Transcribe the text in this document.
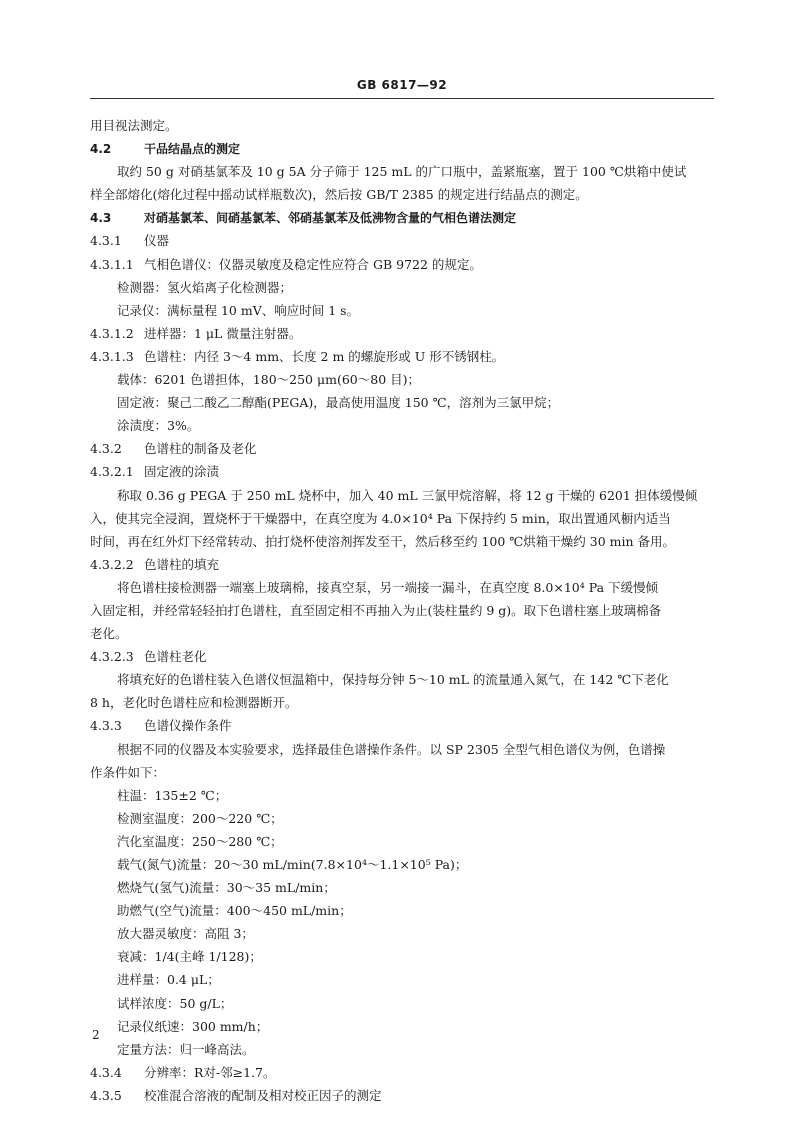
GB 6817—92
用目视法测定。
4.2	干品结晶点的测定
取约 50 g 对硝基氯苯及 10 g 5A 分子筛于 125 mL 的广口瓶中，盖紧瓶塞，置于 100 ℃烘箱中使试
样全部熔化(熔化过程中摇动试样瓶数次)，然后按 GB/T 2385 的规定进行结晶点的测定。
4.3	对硝基氯苯、间硝基氯苯、邻硝基氯苯及低沸物含量的气相色谱法测定
4.3.1 仪器
4.3.1.1 气相色谱仪：仪器灵敏度及稳定性应符合 GB 9722 的规定。
检测器：氢火焰离子化检测器；
记录仪：满标量程 10 mV、响应时间 1 s。
4.3.1.2 进样器：1 μL 微量注射器。
4.3.1.3 色谱柱：内径 3～4 mm、长度 2 m 的螺旋形或 U 形不锈钢柱。
载体：6201 色谱担体，180～250 μm(60～80 目)；
固定液：聚己二酸乙二醇酯(PEGA)，最高使用温度 150 ℃，溶剂为三氯甲烷；
涂渍度：3%。
4.3.2 色谱柱的制备及老化
4.3.2.1 固定液的涂渍
称取 0.36 g PEGA 于 250 mL 烧杯中，加入 40 mL 三氯甲烷溶解，将 12 g 干燥的 6201 担体缓慢倾
入，使其完全浸润，置烧杯于干燥器中，在真空度为 4.0×10⁴ Pa 下保持约 5 min，取出置通风橱内适当
时间，再在红外灯下经常转动、拍打烧杯使溶剂挥发至干，然后移至约 100 ℃烘箱干燥约 30 min 备用。
4.3.2.2 色谱柱的填充
将色谱柱接检测器一端塞上玻璃棉，接真空泵，另一端接一漏斗，在真空度 8.0×10⁴ Pa 下缓慢倾
入固定相，并经常轻轻拍打色谱柱，直至固定相不再抽入为止(装柱量约 9 g)。取下色谱柱塞上玻璃棉备
老化。
4.3.2.3 色谱柱老化
将填充好的色谱柱装入色谱仪恒温箱中，保持每分钟 5～10 mL 的流量通入氮气，在 142 ℃下老化
8 h，老化时色谱柱应和检测器断开。
4.3.3 色谱仪操作条件
根据不同的仪器及本实验要求，选择最佳色谱操作条件。以 SP 2305 全型气相色谱仪为例，色谱操
作条件如下：
柱温：135±2 ℃；
检测室温度：200～220 ℃；
汽化室温度：250～280 ℃；
载气(氮气)流量：20～30 mL/min(7.8×10⁴～1.1×10⁵ Pa)；
燃烧气(氢气)流量：30～35 mL/min；
助燃气(空气)流量：400～450 mL/min；
放大器灵敏度：高阻 3；
衰减：1/4(主峰 1/128)；
进样量：0.4 μL；
试样浓度：50 g/L；
记录仪纸速：300 mm/h；
定量方法：归一峰高法。
4.3.4 分辨率：R对-邻≥1.7。
4.3.5 校准混合溶液的配制及相对校正因子的测定
2
